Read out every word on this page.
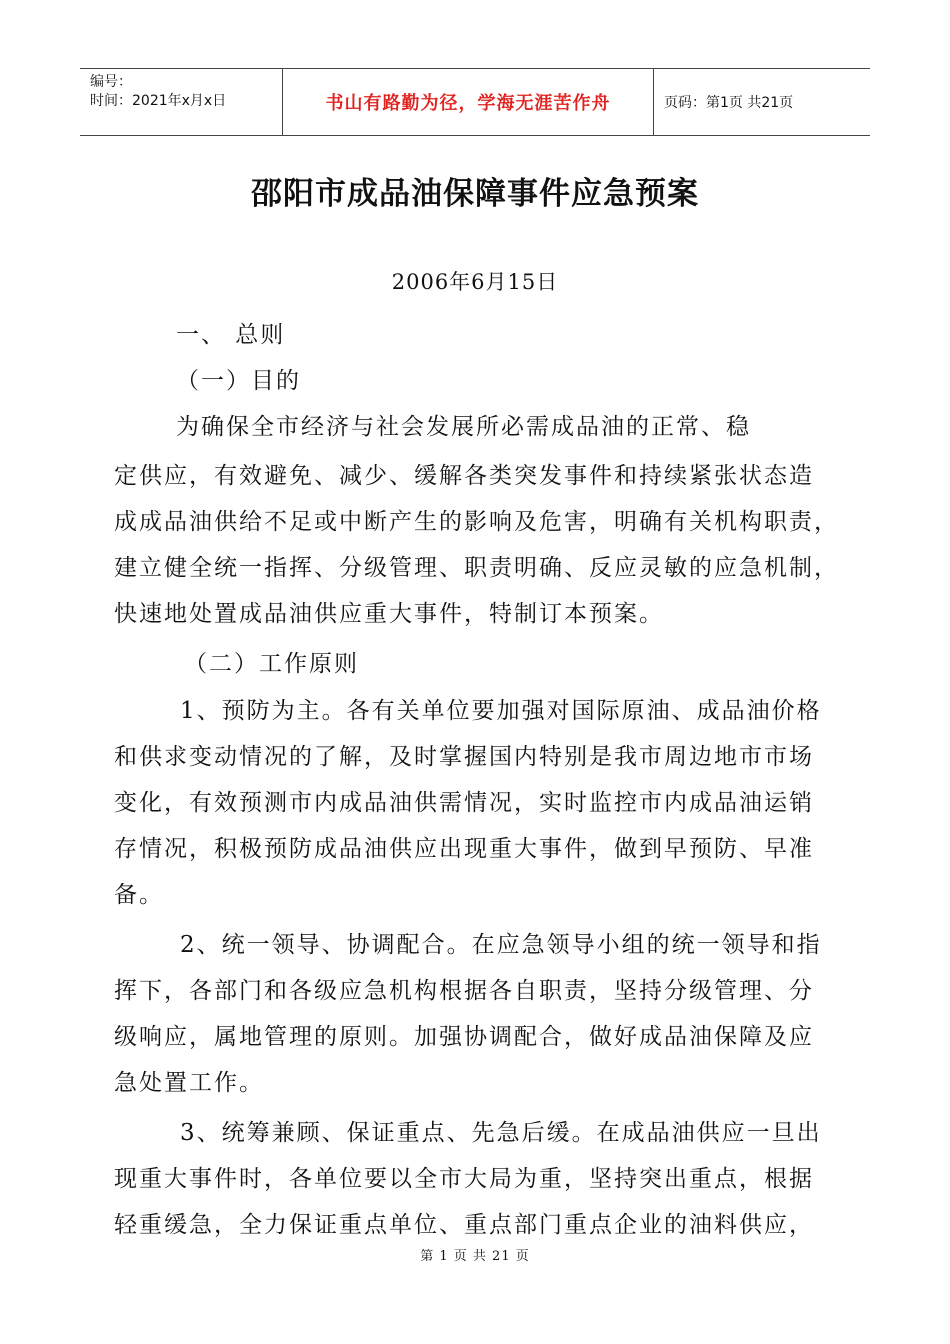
编号：
时间：2021年x月x日	书山有路勤为径，学海无涯苦作舟	页码：第1页 共21页
邵阳市成品油保障事件应急预案
2006年6月15日
一、 总则
（一）目的
为确保全市经济与社会发展所必需成品油的正常、稳
定供应，有效避免、减少、缓解各类突发事件和持续紧张状态造
成成品油供给不足或中断产生的影响及危害，明确有关机构职责，
建立健全统一指挥、分级管理、职责明确、反应灵敏的应急机制，
快速地处置成品油供应重大事件，特制订本预案。
（二）工作原则
1、预防为主。各有关单位要加强对国际原油、成品油价格
和供求变动情况的了解，及时掌握国内特别是我市周边地市市场
变化，有效预测市内成品油供需情况，实时监控市内成品油运销
存情况，积极预防成品油供应出现重大事件，做到早预防、早准
备。
2、统一领导、协调配合。在应急领导小组的统一领导和指
挥下，各部门和各级应急机构根据各自职责，坚持分级管理、分
级响应，属地管理的原则。加强协调配合，做好成品油保障及应
急处置工作。
3、统筹兼顾、保证重点、先急后缓。在成品油供应一旦出
现重大事件时，各单位要以全市大局为重，坚持突出重点，根据
轻重缓急，全力保证重点单位、重点部门重点企业的油料供应，
第 1 页 共 21 页
